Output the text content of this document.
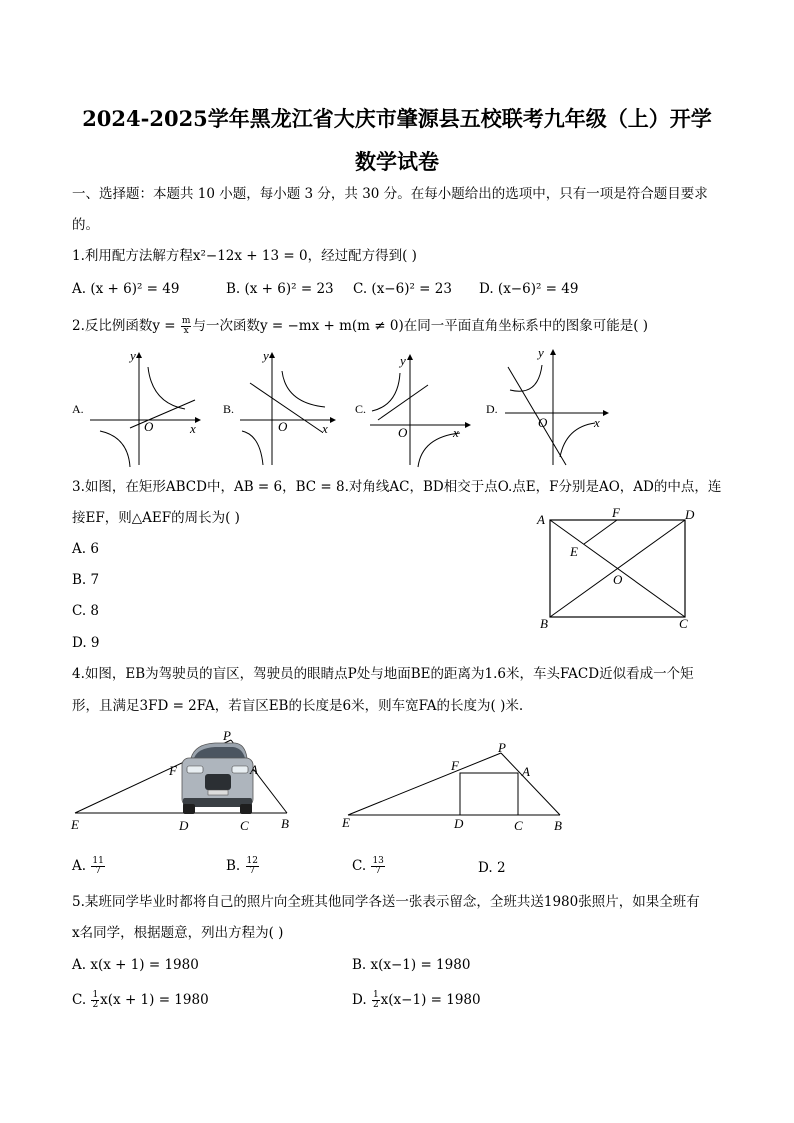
2024-2025学年黑龙江省大庆市肇源县五校联考九年级（上）开学
数学试卷
一、选择题：本题共 10 小题，每小题 3 分，共 30 分。在每小题给出的选项中，只有一项是符合题目要求
的。
1.利用配方法解方程x²−12x + 13 = 0，经过配方得到( )
A. (x + 6)² = 49	B. (x + 6)² = 23 C. (x−6)² = 23 D. (x−6)² = 49
2.反比例函数$y = \frac{m}{x}$ 与一次函数y = −mx + m(m ≠ 0)在同一平面直角坐标系中的图象可能是( )
A.
y
x
O
B.
y
x
O
C.
y
x
O
D.
y
x
O
3.如图，在矩形ABCD中，AB = 6，BC = 8.对角线AC，BD相交于点O.点E，F分别是AO，AD的中点，连
接EF，则△AEF的周长为( )
A. 6
B. 7
C. 8
D. 9
A	D
B	C
F
E
O
4.如图，EB为驾驶员的盲区，驾驶员的眼睛点P处与地面BE的距离为1.6米，车头FACD近似看成一个矩
形，且满足3FD = 2FA，若盲区EB的长度是6米，则车宽FA的长度为( )米.
P
F	A
E	D	C B
P
F	A
E	D	C B
A. $\frac{11}{7}$	B. $\frac{12}{7}$	C. $\frac{13}{7}$	D. 2
5.某班同学毕业时都将自己的照片向全班其他同学各送一张表示留念，全班共送1980张照片，如果全班有
x名同学，根据题意，列出方程为( )
A. x(x + 1) = 1980	B. x(x−1) = 1980
C. $\frac{1}{2} x(x + 1) = 1980$	D. $\frac{1}{2} x(x-1) = 1980$
